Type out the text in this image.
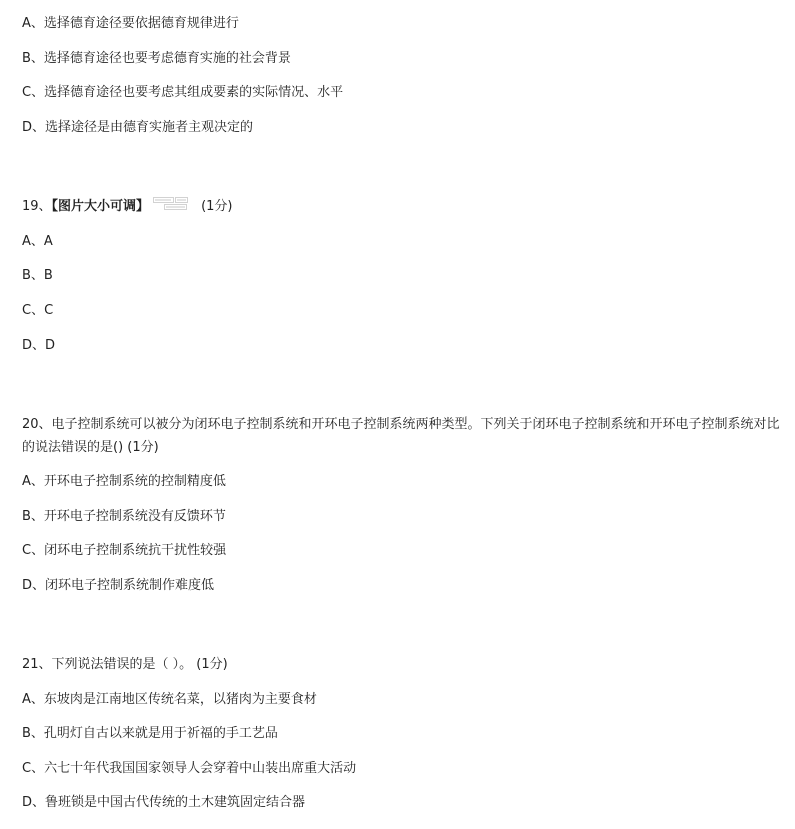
A、选择德育途径要依据德育规律进行
B、选择德育途径也要考虑德育实施的社会背景
C、选择德育途径也要考虑其组成要素的实际情况、水平
D、选择途径是由德育实施者主观决定的
19、【图片大小可调】	(1分)
A、A
B、B
C、C
D、D
20、电子控制系统可以被分为闭环电子控制系统和开环电子控制系统两种类型。下列关于闭环电子控制系统和开环电子控制系统对比的说法错误的是() (1分)
A、开环电子控制系统的控制精度低
B、开环电子控制系统没有反馈环节
C、闭环电子控制系统抗干扰性较强
D、闭环电子控制系统制作难度低
21、下列说法错误的是（ ）。 (1分)
A、东坡肉是江南地区传统名菜，以猪肉为主要食材
B、孔明灯自古以来就是用于祈福的手工艺品
C、六七十年代我国国家领导人会穿着中山装出席重大活动
D、鲁班锁是中国古代传统的土木建筑固定结合器
